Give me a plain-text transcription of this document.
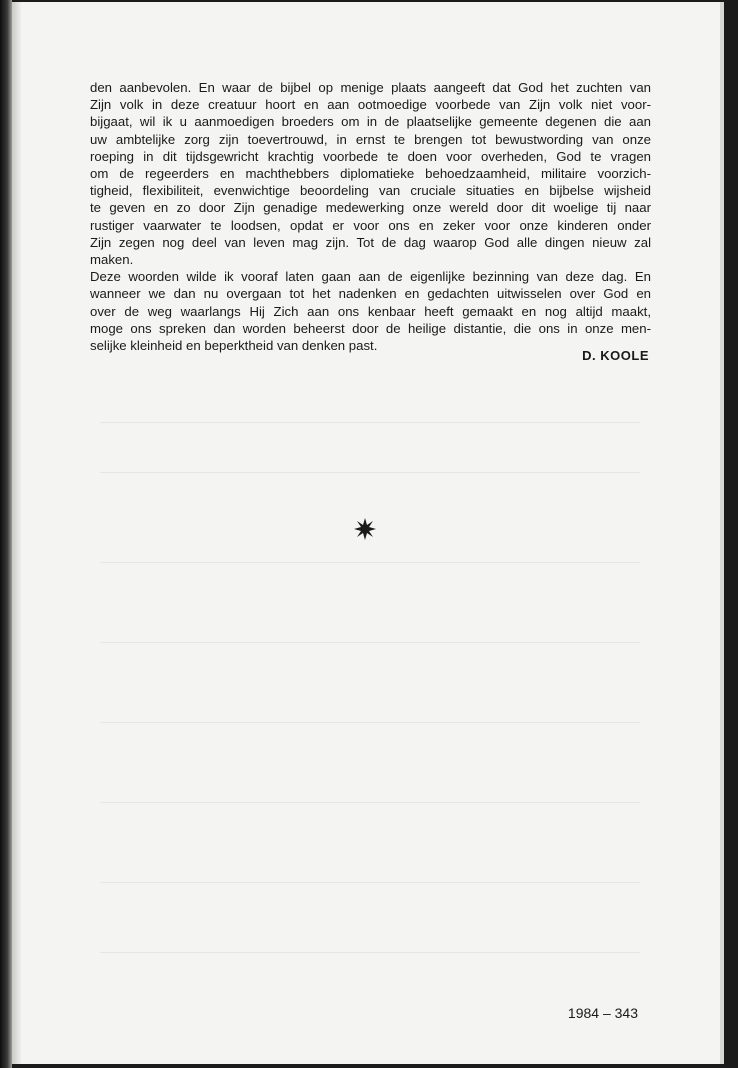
den aanbevolen. En waar de bijbel op menige plaats aangeeft dat God het zuchten van
Zijn volk in deze creatuur hoort en aan ootmoedige voorbede van Zijn volk niet voor-
bijgaat, wil ik u aanmoedigen broeders om in de plaatselijke gemeente degenen die aan
uw ambtelijke zorg zijn toevertrouwd, in ernst te brengen tot bewustwording van onze
roeping in dit tijdsgewricht krachtig voorbede te doen voor overheden, God te vragen
om de regeerders en machthebbers diplomatieke behoedzaamheid, militaire voorzich-
tigheid, flexibiliteit, evenwichtige beoordeling van cruciale situaties en bijbelse wijsheid
te geven en zo door Zijn genadige medewerking onze wereld door dit woelige tij naar
rustiger vaarwater te loodsen, opdat er voor ons en zeker voor onze kinderen onder
Zijn zegen nog deel van leven mag zijn. Tot de dag waarop God alle dingen nieuw zal
maken.
Deze woorden wilde ik vooraf laten gaan aan de eigenlijke bezinning van deze dag. En
wanneer we dan nu overgaan tot het nadenken en gedachten uitwisselen over God en
over de weg waarlangs Hij Zich aan ons kenbaar heeft gemaakt en nog altijd maakt,
moge ons spreken dan worden beheerst door de heilige distantie, die ons in onze men-
selijke kleinheid en beperktheid van denken past.
D. KOOLE
1984 – 343
